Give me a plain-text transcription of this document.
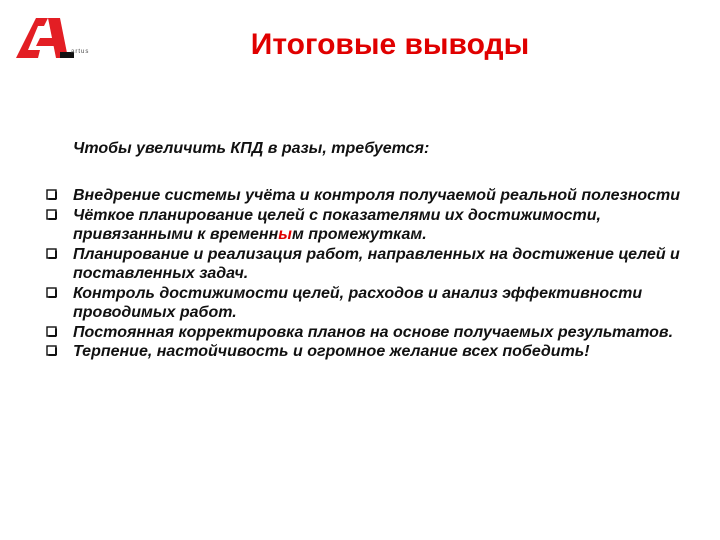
artus	Итоговые выводы
Чтобы увеличить КПД в разы, требуется:
Внедрение системы учёта и контроля получаемой реальной полезности
Чёткое планирование целей с показателями их достижимости, привязанными к временным промежуткам.
Планирование и реализация работ, направленных на достижение целей и поставленных задач.
Контроль достижимости целей, расходов и анализ эффективности проводимых работ.
Постоянная корректировка планов на основе получаемых результатов.
Терпение, настойчивость и огромное желание всех победить!
